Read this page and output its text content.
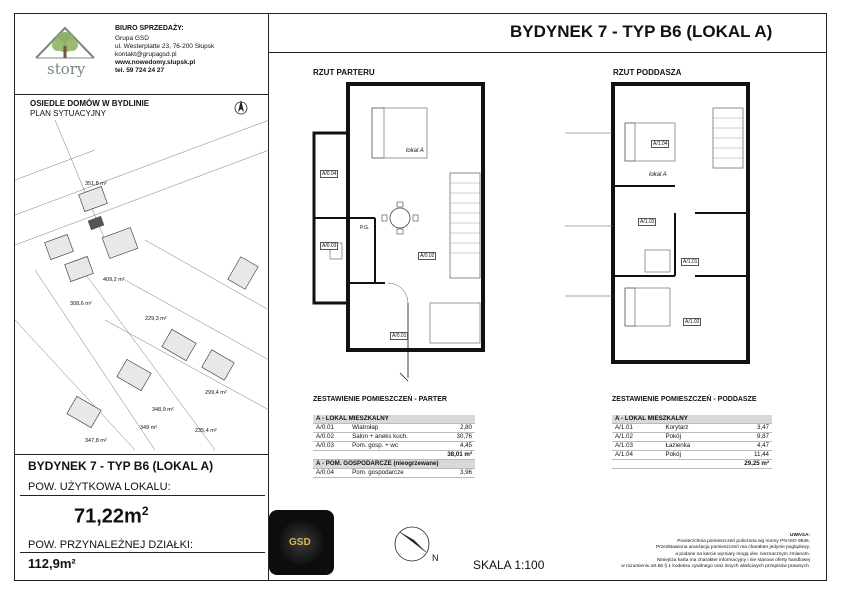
story
BIURO SPRZEDAŻY:
Grupa GSD
ul. Westerplatte 23, 76-200 Słupsk
kontakt@grupagsd.pl
www.nowedomy.slupsk.pl
tel. 59 724 24 27
BYDYNEK 7 - TYP B6 (LOKAL A)
OSIEDLE DOMÓW W BYDLINIE
PLAN SYTUACYJNY
351,8 m²
409,2 m²
308,6 m²
229,3 m²
348,9 m²
349 m²	235,4 m²
299,4 m²
347,8 m²
BYDYNEK 7 - TYP B6 (LOKAL A)
POW. UŻYTKOWA LOKALU:
$71,22m^2$
POW. PRZYNALEŻNEJ DZIAŁKI:
112,9m²
RZUT PARTERU	RZUT PODDASZA
lokal A
A/0.04
A/0.03
A/0.02
A/0.01
P.G.
lokal A
A/1.04
A/1.03
A/1.01
A/1.02
ZESTAWIENIE POMIESZCZEŃ - PARTER
A - LOKAL MIESZKALNY		
A/0.01	Wiatrołap	2,80
A/0.02	Salon + aneks kuch.	30,76
A/0.03	Pom. gosp. + wc	4,45
38,01 m²		
A - POM. GOSPODARCZE (nieogrzewane)		
A/0.04	Pom. gospodarcze	3,96
ZESTAWIENIE POMIESZCZEŃ - PODDASZE
A - LOKAL MIESZKALNY		
A/1.01	Korytarz	3,47
A/1.02	Pokój	9,87
A/1.03	Łazienka	4,47
A/1.04	Pokój	11,44
29,25 m²		
GSD
N	SKALA 1:100
UWAGA:
Powierzchnia pomieszczeń policzona wg normy PN-ISO 9836.
Przedstawiona aranżacja pomieszczeń ma charakter jedynie poglądowy,
a podane na karcie wymiary mogą ulec nieznacznym zmianom.
Niniejsza karta ma charakter informacyjny i nie stanowi oferty handlowej
w rozumieniu art.66 § 1 kodeksu cywilnego oraz innych właściwych przepisów prawnych.
